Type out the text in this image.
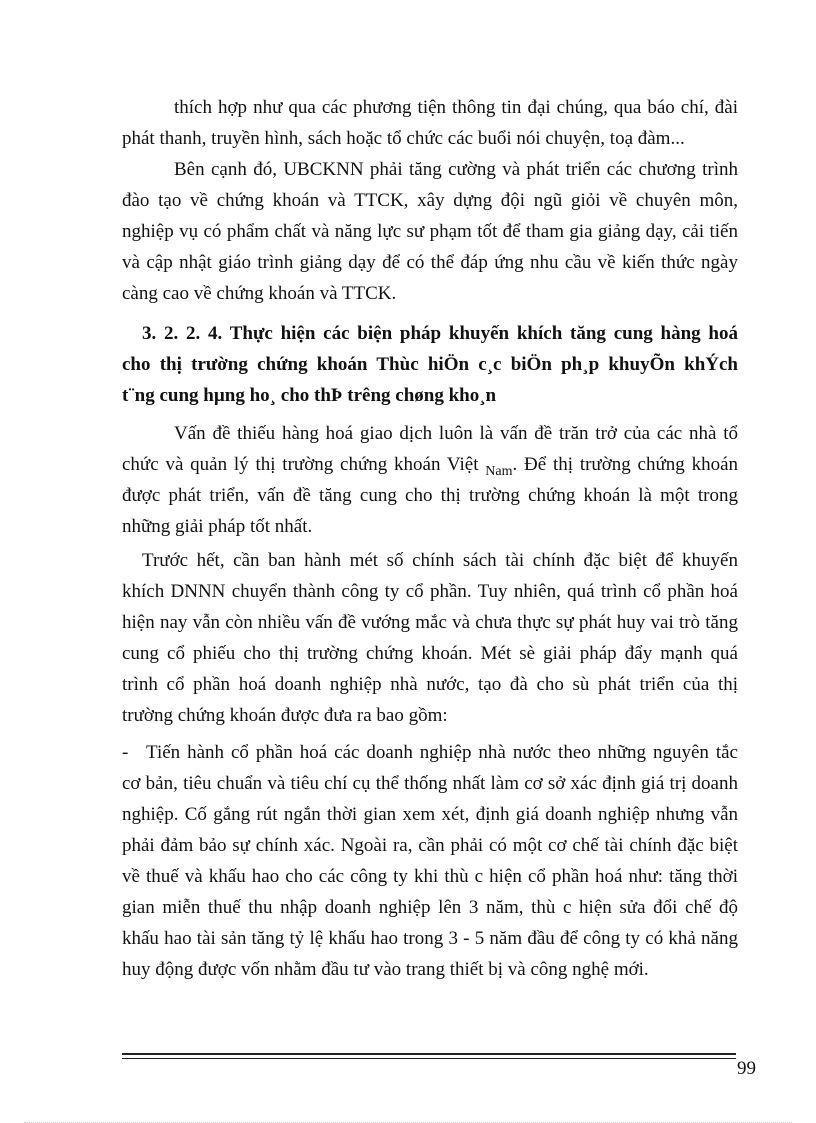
thích hợp như qua các phương tiện thông tin đại chúng, qua báo chí, đài
phát thanh, truyền hình, sách hoặc tổ chức các buổi nói chuyện, toạ đàm...
Bên cạnh đó, UBCKNN phải tăng cường và phát triển các chương trình
đào tạo về chứng khoán và TTCK, xây dựng đội ngũ giỏi về chuyên môn,
nghiệp vụ có phẩm chất và năng lực sư phạm tốt để tham gia giảng dạy, cải tiến
và cập nhật giáo trình giảng dạy để có thể đáp ứng nhu cầu về kiến thức ngày
càng cao về chứng khoán và TTCK.
3. 2. 2. 4. Thực hiện các biện pháp khuyến khích tăng cung hàng hoá
cho thị trường chứng khoán Thùc hiÖn c¸c biÖn ph¸p khuyÕn khÝch
t¨ng cung hµng ho¸ cho thÞ trêng chøng kho¸n
Vấn đề thiếu hàng hoá giao dịch luôn là vấn đề trăn trở của các nhà tổ
chức và quản lý thị trường chứng khoán Việt $_{Nam}$. Để thị trường chứng khoán
được phát triển, vấn đề tăng cung cho thị trường chứng khoán là một trong
những giải pháp tốt nhất.
Trước hết, cần ban hành mét số chính sách tài chính đặc biệt để khuyến
khích DNNN chuyển thành công ty cổ phần. Tuy nhiên, quá trình cổ phần hoá
hiện nay vẫn còn nhiều vấn đề vướng mắc và chưa thực sự phát huy vai trò tăng
cung cổ phiếu cho thị trường chứng khoán. Mét sè giải pháp đẩy mạnh quá
trình cổ phần hoá doanh nghiệp nhà nước, tạo đà cho sù phát triển của thị
trường chứng khoán được đưa ra bao gồm:
- Tiến hành cổ phần hoá các doanh nghiệp nhà nước theo những nguyên tắc
cơ bản, tiêu chuẩn và tiêu chí cụ thể thống nhất làm cơ sở xác định giá trị doanh
nghiệp. Cố gắng rút ngắn thời gian xem xét, định giá doanh nghiệp nhưng vẫn
phải đảm bảo sự chính xác. Ngoài ra, cần phải có một cơ chế tài chính đặc biệt
về thuế và khấu hao cho các công ty khi thù c hiện cổ phần hoá như: tăng thời
gian miễn thuế thu nhập doanh nghiệp lên 3 năm, thù c hiện sửa đổi chế độ
khấu hao tài sản tăng tỷ lệ khấu hao trong 3 - 5 năm đầu để công ty có khả năng
huy động được vốn nhằm đầu tư vào trang thiết bị và công nghệ mới.
99
